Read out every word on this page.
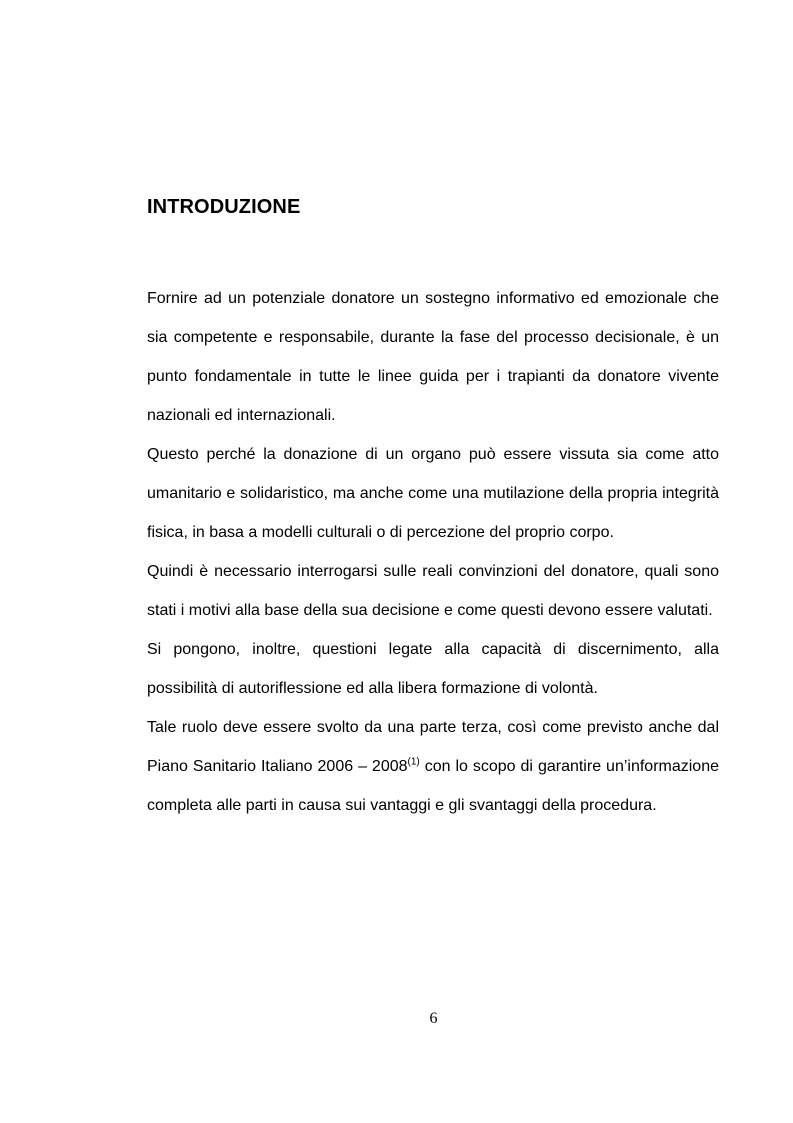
INTRODUZIONE

Fornire ad un potenziale donatore un sostegno informativo ed emozionale che sia competente e responsabile, durante la fase del processo decisionale, è un punto fondamentale in tutte le linee guida per i trapianti da donatore vivente nazionali ed internazionali.

Questo perché la donazione di un organo può essere vissuta sia come atto umanitario e solidaristico, ma anche come una mutilazione della propria integrità fisica, in basa a modelli culturali o di percezione del proprio corpo.

Quindi è necessario interrogarsi sulle reali convinzioni del donatore, quali sono stati i motivi alla base della sua decisione e come questi devono essere valutati.

Si pongono, inoltre, questioni legate alla capacità di discernimento, alla possibilità di autoriflessione ed alla libera formazione di volontà.

Tale ruolo deve essere svolto da una parte terza, così come previsto anche dal Piano Sanitario Italiano 2006 – 2008$^{(1)}$ con lo scopo di garantire un’informazione completa alle parti in causa sui vantaggi e gli svantaggi della procedura.

6
